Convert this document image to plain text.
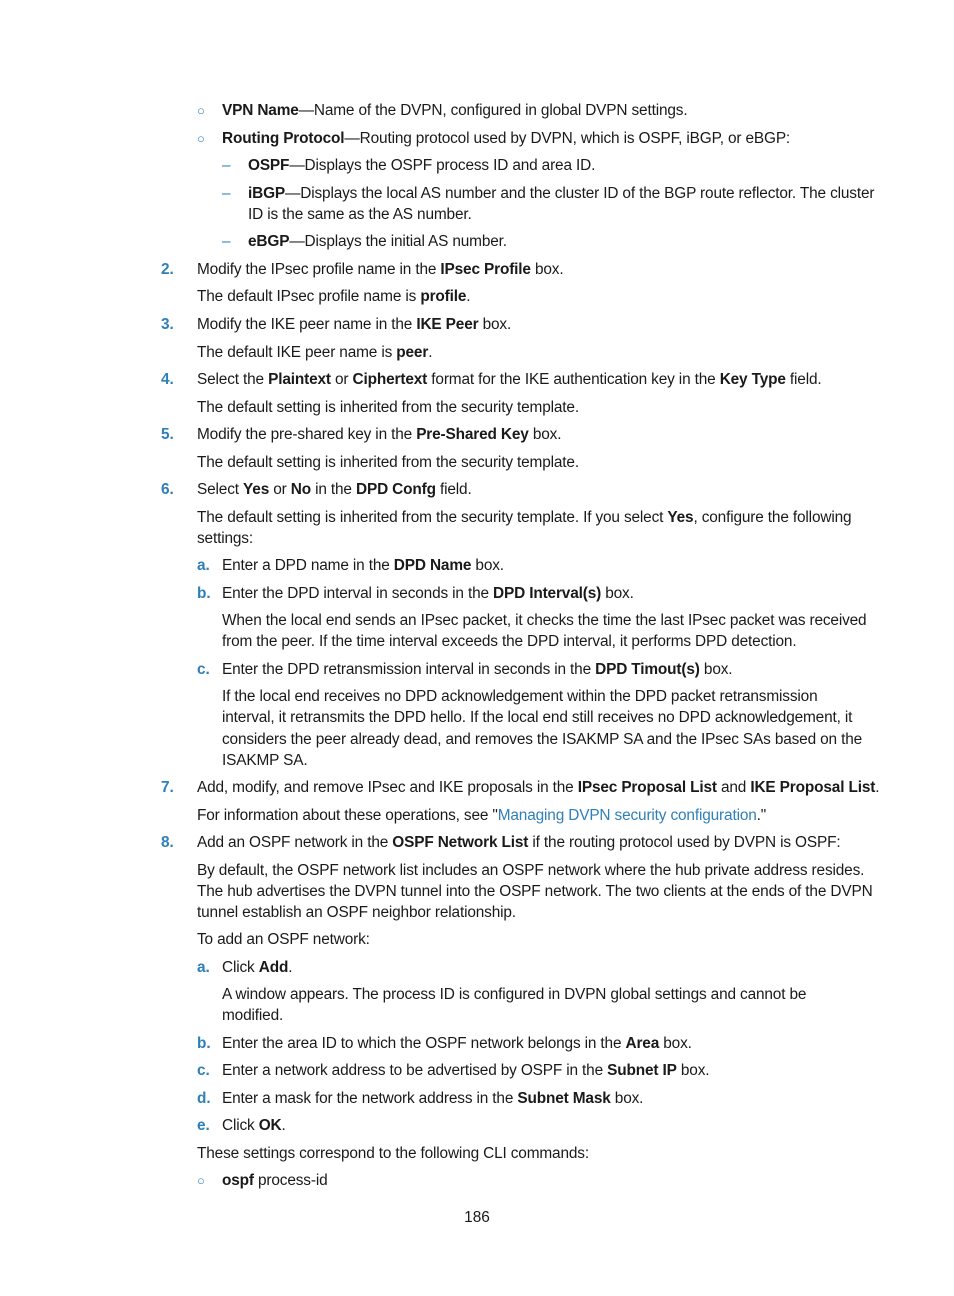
○ VPN Name—Name of the DVPN, configured in global DVPN settings.
○ Routing Protocol—Routing protocol used by DVPN, which is OSPF, iBGP, or eBGP:
– OSPF—Displays the OSPF process ID and area ID.
– iBGP—Displays the local AS number and the cluster ID of the BGP route reflector. The cluster
ID is the same as the AS number.
– eBGP—Displays the initial AS number.
2. Modify the IPsec profile name in the IPsec Profile box.
The default IPsec profile name is profile.
3. Modify the IKE peer name in the IKE Peer box.
The default IKE peer name is peer.
4. Select the Plaintext or Ciphertext format for the IKE authentication key in the Key Type field.
The default setting is inherited from the security template.
5. Modify the pre-shared key in the Pre-Shared Key box.
The default setting is inherited from the security template.
6. Select Yes or No in the DPD Confg field.
The default setting is inherited from the security template. If you select Yes, configure the following
settings:
a. Enter a DPD name in the DPD Name box.
b. Enter the DPD interval in seconds in the DPD Interval(s) box.
When the local end sends an IPsec packet, it checks the time the last IPsec packet was received
from the peer. If the time interval exceeds the DPD interval, it performs DPD detection.
c. Enter the DPD retransmission interval in seconds in the DPD Timout(s) box.
If the local end receives no DPD acknowledgement within the DPD packet retransmission
interval, it retransmits the DPD hello. If the local end still receives no DPD acknowledgement, it
considers the peer already dead, and removes the ISAKMP SA and the IPsec SAs based on the
ISAKMP SA.
7. Add, modify, and remove IPsec and IKE proposals in the IPsec Proposal List and IKE Proposal List.
For information about these operations, see "Managing DVPN security configuration."
8. Add an OSPF network in the OSPF Network List if the routing protocol used by DVPN is OSPF:
By default, the OSPF network list includes an OSPF network where the hub private address resides.
The hub advertises the DVPN tunnel into the OSPF network. The two clients at the ends of the DVPN
tunnel establish an OSPF neighbor relationship.
To add an OSPF network:
a. Click Add.
A window appears. The process ID is configured in DVPN global settings and cannot be
modified.
b. Enter the area ID to which the OSPF network belongs in the Area box.
c. Enter a network address to be advertised by OSPF in the Subnet IP box.
d. Enter a mask for the network address in the Subnet Mask box.
e. Click OK.
These settings correspond to the following CLI commands:
○ ospf process-id
186
